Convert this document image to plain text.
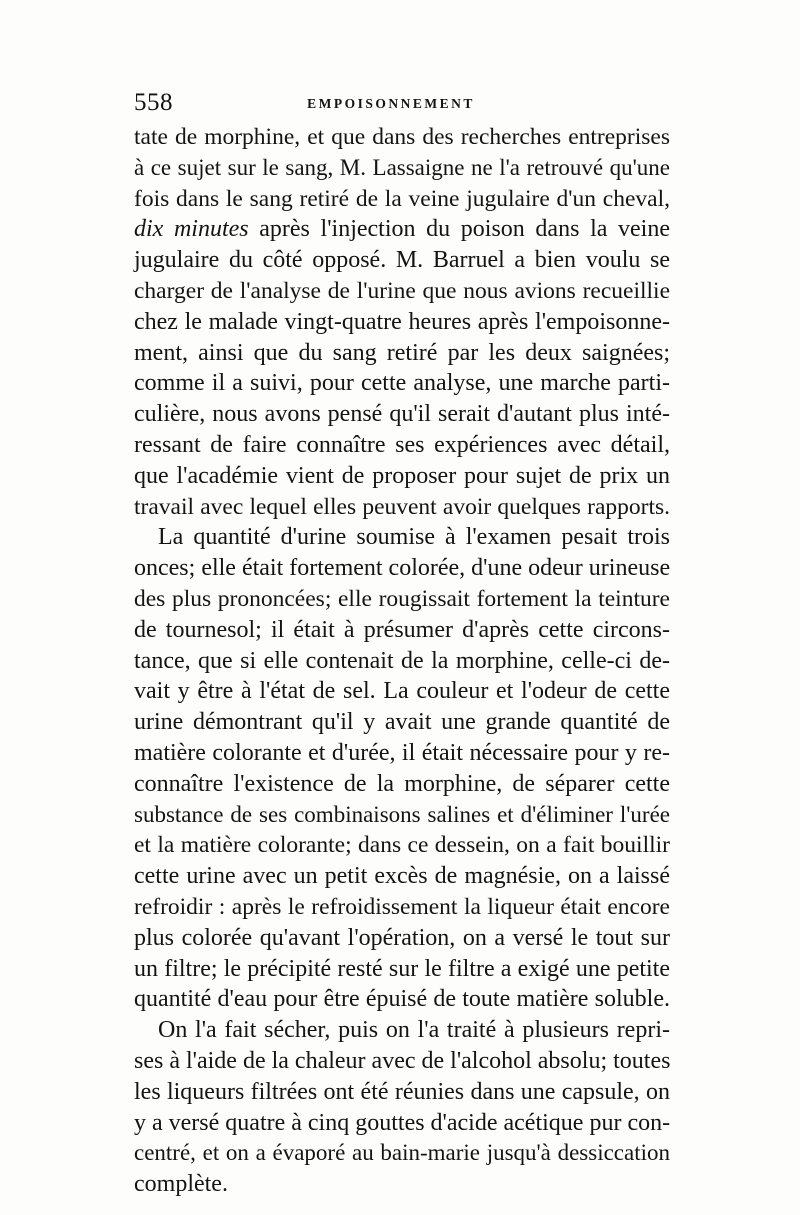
558	EMPOISONNEMENT
tate de morphine, et que dans des recherches entreprises
à ce sujet sur le sang, M. Lassaigne ne l'a retrouvé qu'une
fois dans le sang retiré de la veine jugulaire d'un cheval,
dix minutes après l'injection du poison dans la veine
jugulaire du côté opposé. M. Barruel a bien voulu se
charger de l'analyse de l'urine que nous avions recueillie
chez le malade vingt-quatre heures après l'empoisonne-
ment, ainsi que du sang retiré par les deux saignées;
comme il a suivi, pour cette analyse, une marche parti-
culière, nous avons pensé qu'il serait d'autant plus inté-
ressant de faire connaître ses expériences avec détail,
que l'académie vient de proposer pour sujet de prix un
travail avec lequel elles peuvent avoir quelques rapports.
La quantité d'urine soumise à l'examen pesait trois
onces; elle était fortement colorée, d'une odeur urineuse
des plus prononcées; elle rougissait fortement la teinture
de tournesol; il était à présumer d'après cette circons-
tance, que si elle contenait de la morphine, celle-ci de-
vait y être à l'état de sel. La couleur et l'odeur de cette
urine démontrant qu'il y avait une grande quantité de
matière colorante et d'urée, il était nécessaire pour y re-
connaître l'existence de la morphine, de séparer cette
substance de ses combinaisons salines et d'éliminer l'urée
et la matière colorante; dans ce dessein, on a fait bouillir
cette urine avec un petit excès de magnésie, on a laissé
refroidir : après le refroidissement la liqueur était encore
plus colorée qu'avant l'opération, on a versé le tout sur
un filtre; le précipité resté sur le filtre a exigé une petite
quantité d'eau pour être épuisé de toute matière soluble.
On l'a fait sécher, puis on l'a traité à plusieurs repri-
ses à l'aide de la chaleur avec de l'alcohol absolu; toutes
les liqueurs filtrées ont été réunies dans une capsule, on
y a versé quatre à cinq gouttes d'acide acétique pur con-
centré, et on a évaporé au bain-marie jusqu'à dessiccation
complète.
